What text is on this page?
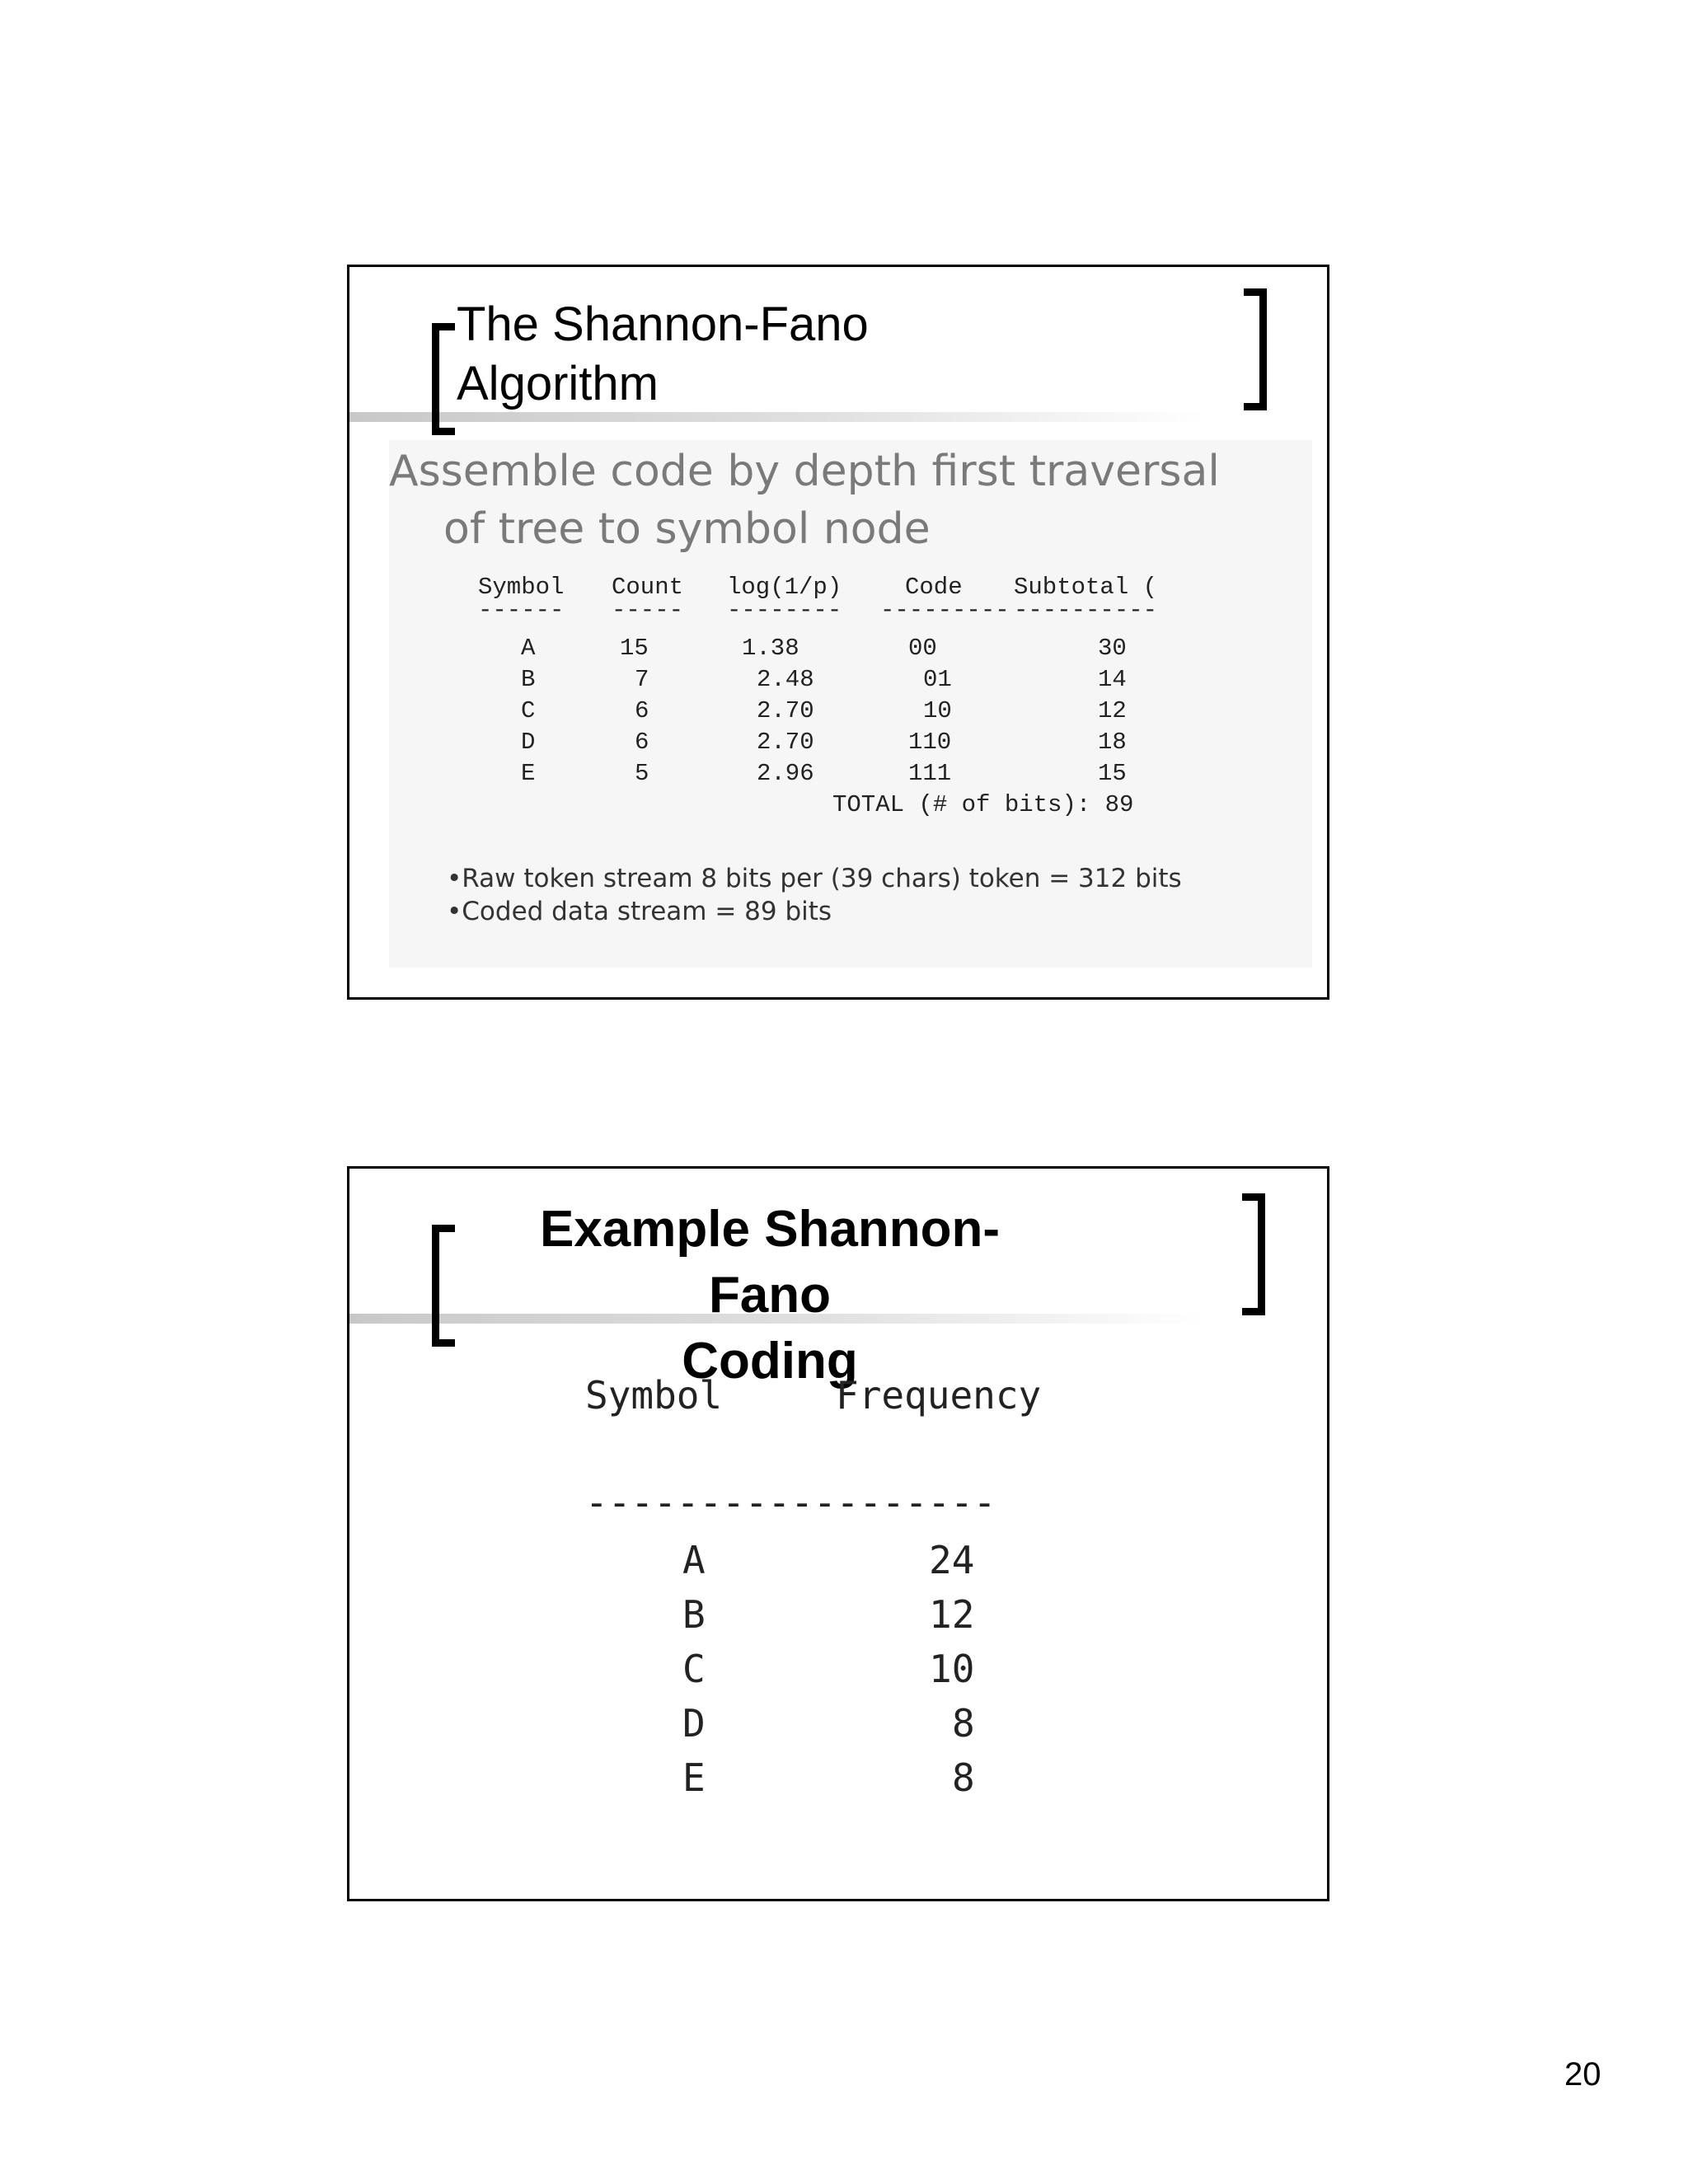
The Shannon-Fano
Algorithm
Assemble code by depth first traversal
of tree to symbol node
Symbol Count log(1/p)	Code Subtotal (
------ ----- -------- --------- ----------
A	15	1.38	00	30
B	7	2.48	01	14
C	6	2.70	10	12
D	6	2.70	110	18
E	5	2.96	111	15
TOTAL (# of bits): 89
•Raw token stream 8 bits per (39 chars) token = 312 bits
•Coded data stream = 89 bits
Example Shannon-Fano
Coding
Symbol	Frequency
------------------
A	24
B	12
C	10
D	8
E	8
20
